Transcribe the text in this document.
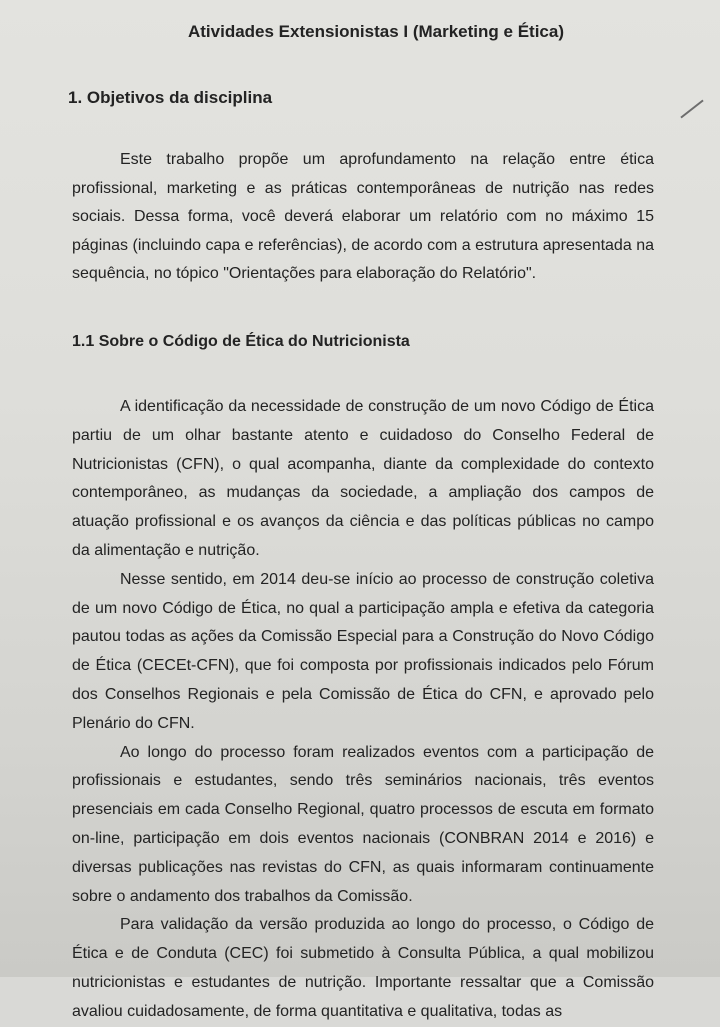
Atividades Extensionistas I (Marketing e Ética)
1. Objetivos da disciplina

Este trabalho propõe um aprofundamento na relação entre ética profissional, marketing e as práticas contemporâneas de nutrição nas redes sociais. Dessa forma, você deverá elaborar um relatório com no máximo 15 páginas (incluindo capa e referências), de acordo com a estrutura apresentada na sequência, no tópico "Orientações para elaboração do Relatório".

1.1 Sobre o Código de Ética do Nutricionista

A identificação da necessidade de construção de um novo Código de Ética partiu de um olhar bastante atento e cuidadoso do Conselho Federal de Nutricionistas (CFN), o qual acompanha, diante da complexidade do contexto contemporâneo, as mudanças da sociedade, a ampliação dos campos de atuação profissional e os avanços da ciência e das políticas públicas no campo da alimentação e nutrição.

Nesse sentido, em 2014 deu-se início ao processo de construção coletiva de um novo Código de Ética, no qual a participação ampla e efetiva da categoria pautou todas as ações da Comissão Especial para a Construção do Novo Código de Ética (CECEt-CFN), que foi composta por profissionais indicados pelo Fórum dos Conselhos Regionais e pela Comissão de Ética do CFN, e aprovado pelo Plenário do CFN.

Ao longo do processo foram realizados eventos com a participação de profissionais e estudantes, sendo três seminários nacionais, três eventos presenciais em cada Conselho Regional, quatro processos de escuta em formato on-line, participação em dois eventos nacionais (CONBRAN 2014 e 2016) e diversas publicações nas revistas do CFN, as quais informaram continuamente sobre o andamento dos trabalhos da Comissão.

Para validação da versão produzida ao longo do processo, o Código de Ética e de Conduta (CEC) foi submetido à Consulta Pública, a qual mobilizou nutricionistas e estudantes de nutrição. Importante ressaltar que a Comissão avaliou cuidadosamente, de forma quantitativa e qualitativa, todas as
